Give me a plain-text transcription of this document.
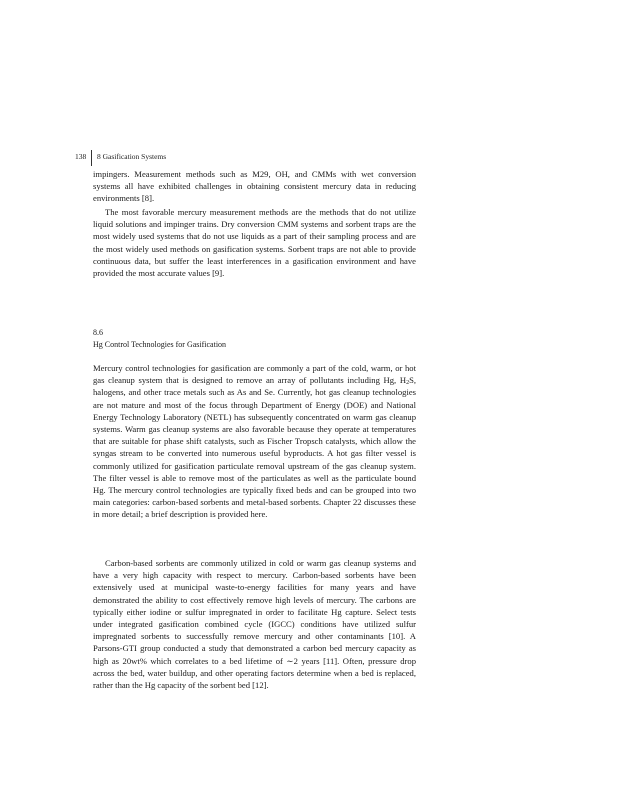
138 8 Gasification Systems

impingers. Measurement methods such as M29, OH, and CMMs with wet conversion systems all have exhibited challenges in obtaining consistent mercury data in reducing environments [8].

The most favorable mercury measurement methods are the methods that do not utilize liquid solutions and impinger trains. Dry conversion CMM systems and sorbent traps are the most widely used systems that do not use liquids as a part of their sampling process and are the most widely used methods on gasification systems. Sorbent traps are not able to provide continuous data, but suffer the least interferences in a gasification environment and have provided the most accurate values [9].

8.6
Hg Control Technologies for Gasification

Mercury control technologies for gasification are commonly a part of the cold, warm, or hot gas cleanup system that is designed to remove an array of pollutants including Hg, $H_2S$, halogens, and other trace metals such as As and Se. Currently, hot gas cleanup technologies are not mature and most of the focus through Department of Energy (DOE) and National Energy Technology Laboratory (NETL) has subsequently concentrated on warm gas cleanup systems. Warm gas cleanup systems are also favorable because they operate at temperatures that are suitable for phase shift catalysts, such as Fischer Tropsch catalysts, which allow the syngas stream to be converted into numerous useful byproducts. A hot gas filter vessel is commonly utilized for gasification particulate removal upstream of the gas cleanup system. The filter vessel is able to remove most of the particulates as well as the particulate bound Hg. The mercury control technologies are typically fixed beds and can be grouped into two main categories: carbon-based sorbents and metal-based sorbents. Chapter 22 discusses these in more detail; a brief description is provided here.

Carbon-based sorbents are commonly utilized in cold or warm gas cleanup systems and have a very high capacity with respect to mercury. Carbon-based sorbents have been extensively used at municipal waste-to-energy facilities for many years and have demonstrated the ability to cost effectively remove high levels of mercury. The carbons are typically either iodine or sulfur impregnated in order to facilitate Hg capture. Select tests under integrated gasification combined cycle (IGCC) conditions have utilized sulfur impregnated sorbents to successfully remove mercury and other contaminants [10]. A Parsons-GTI group conducted a study that demonstrated a carbon bed mercury capacity as high as 20wt% which correlates to a bed lifetime of ∼2 years [11]. Often, pressure drop across the bed, water buildup, and other operating factors determine when a bed is replaced, rather than the Hg capacity of the sorbent bed [12].
